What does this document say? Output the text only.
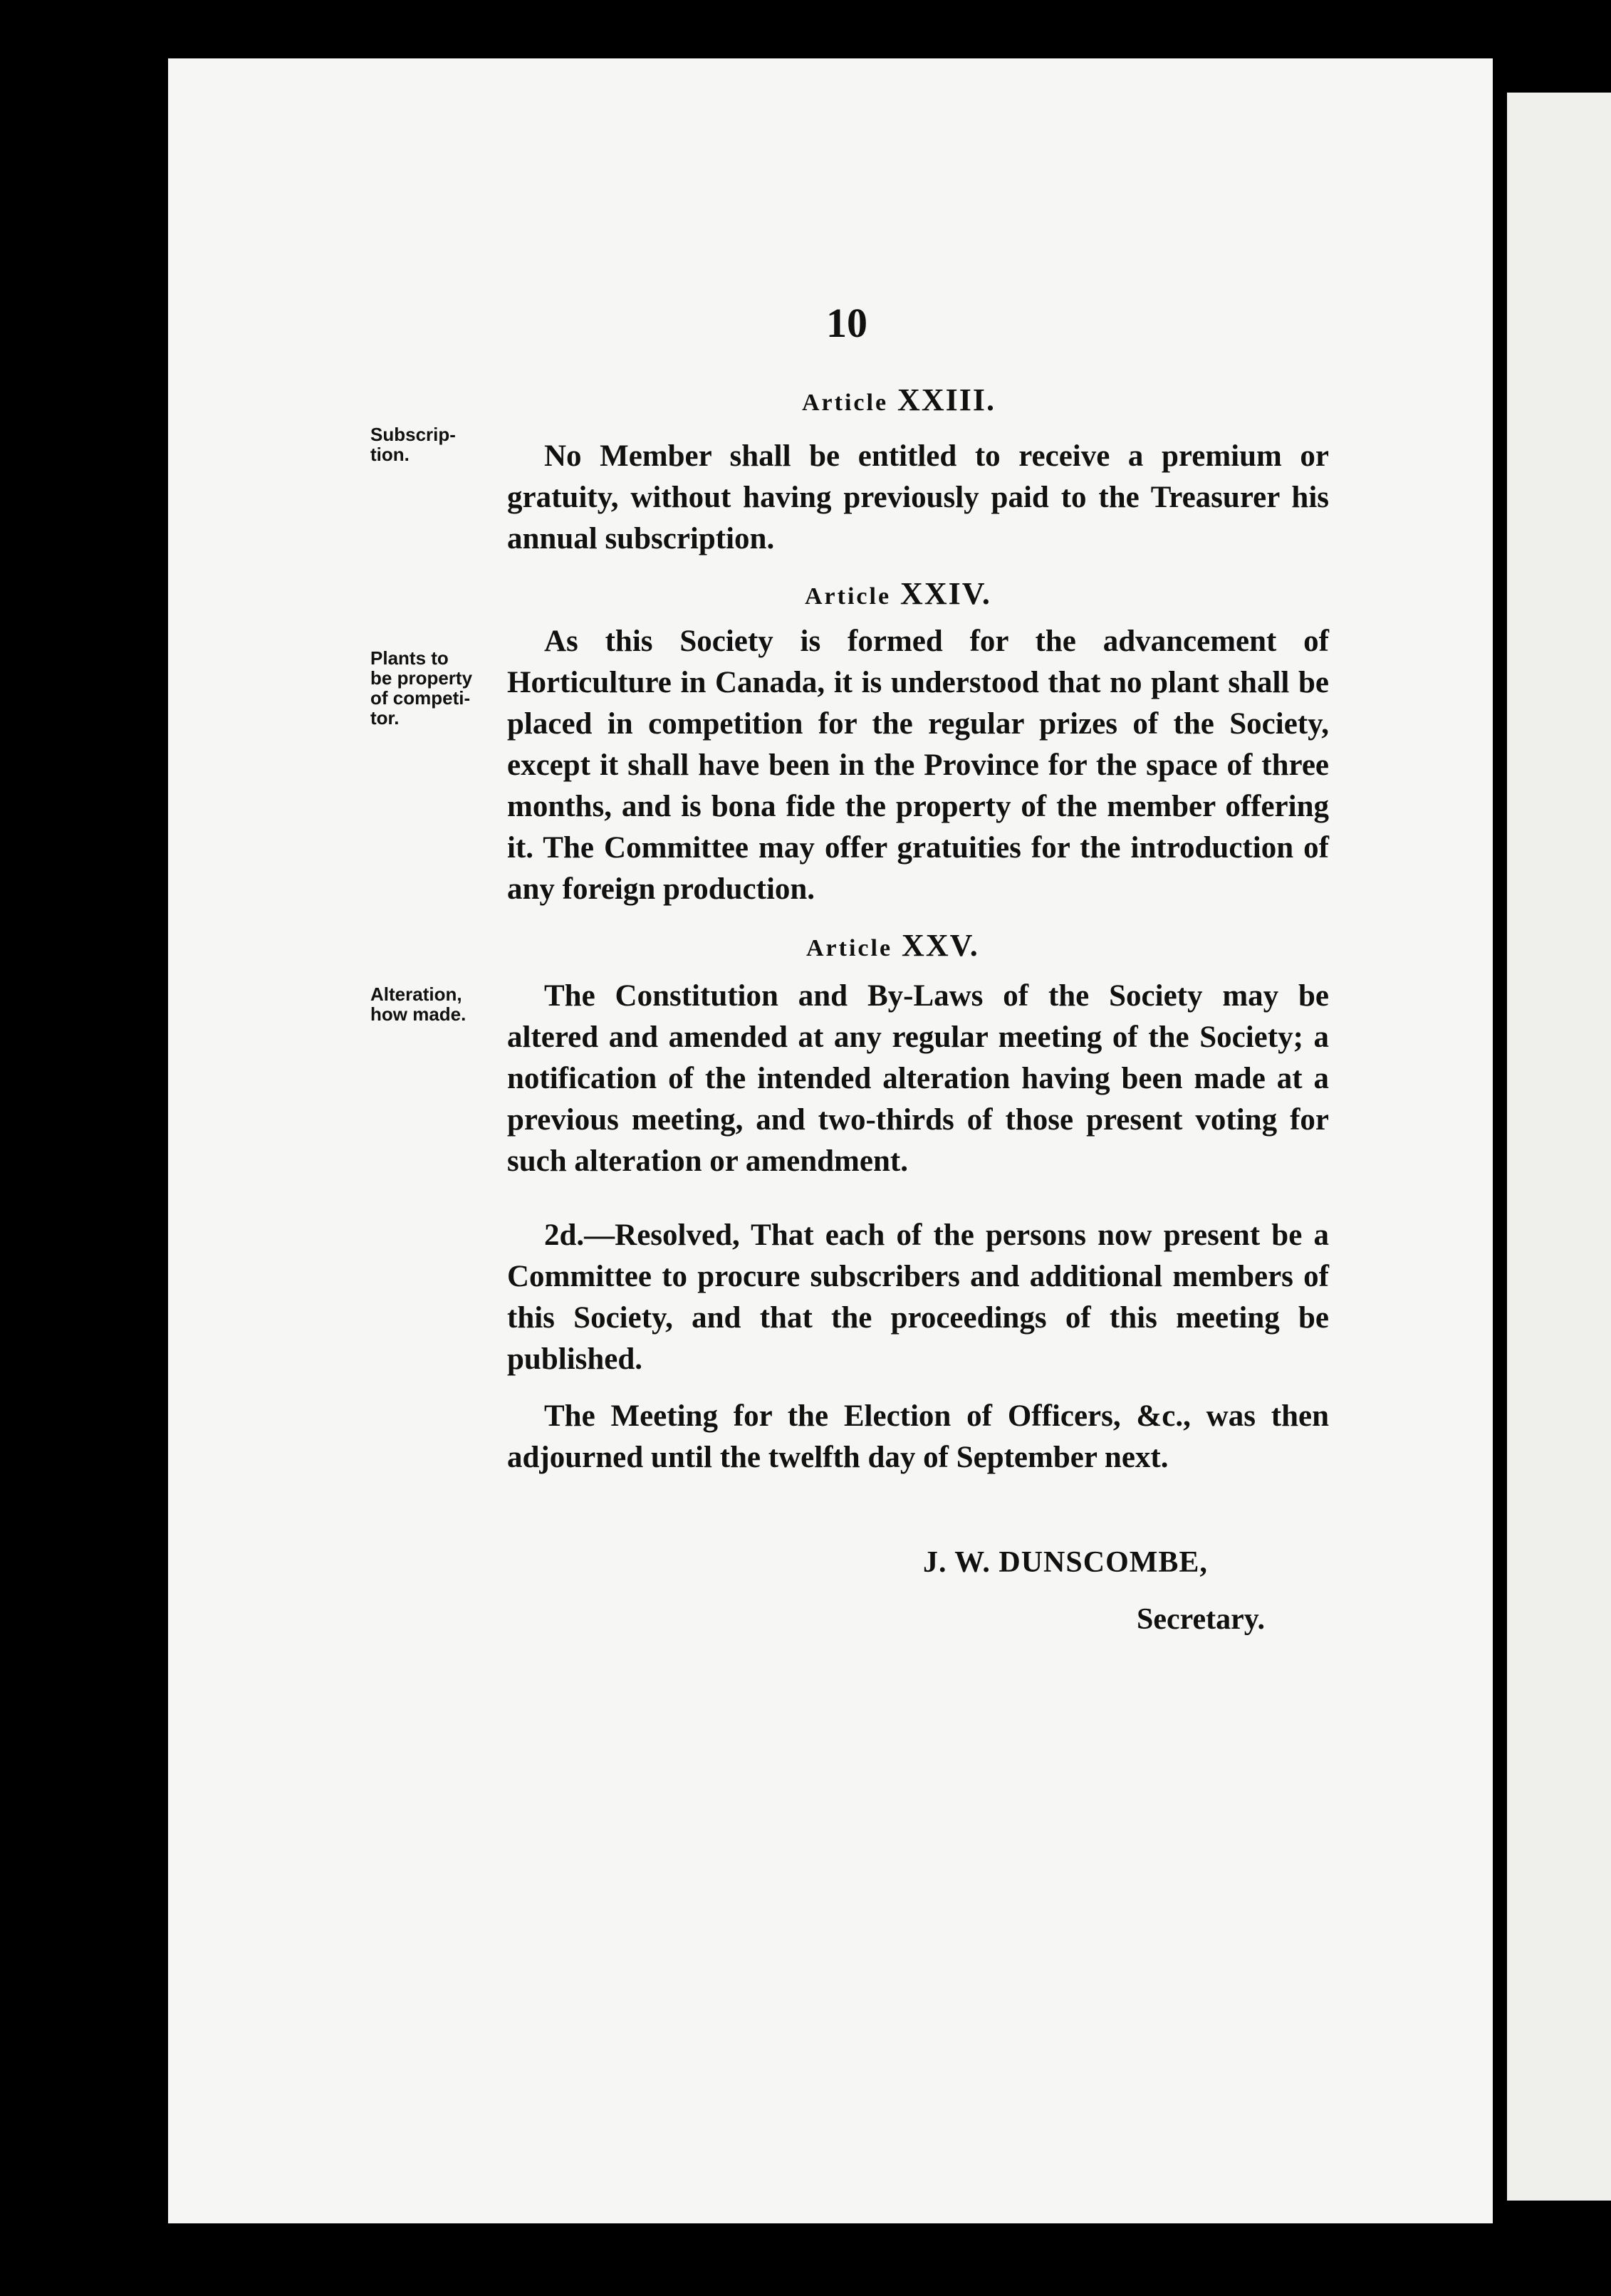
10
Article XXIII.
Subscrip-
tion.	No Member shall be entitled to receive a premium or gratuity, without having previously paid to the Treasurer his annual subscription.

Article XXIV.
Plants to
be property
of competi-
tor.

As this Society is formed for the advancement of Horticulture in Canada, it is understood that no plant shall be placed in competition for the regular prizes of the Society, except it shall have been in the Province for the space of three months, and is bona fide the property of the member offering it. The Committee may offer gratuities for the introduction of any foreign production.

Article XXV.
Alteration,
how made.

The Constitution and By-Laws of the Society may be altered and amended at any regular meeting of the Society; a notification of the intended alteration having been made at a previous meeting, and two-thirds of those present voting for such alteration or amendment.

2d.—Resolved, That each of the persons now present be a Committee to procure subscribers and additional members of this Society, and that the proceedings of this meeting be published.

The Meeting for the Election of Officers, &c., was then adjourned until the twelfth day of September next.

J. W. DUNSCOMBE,
Secretary.
